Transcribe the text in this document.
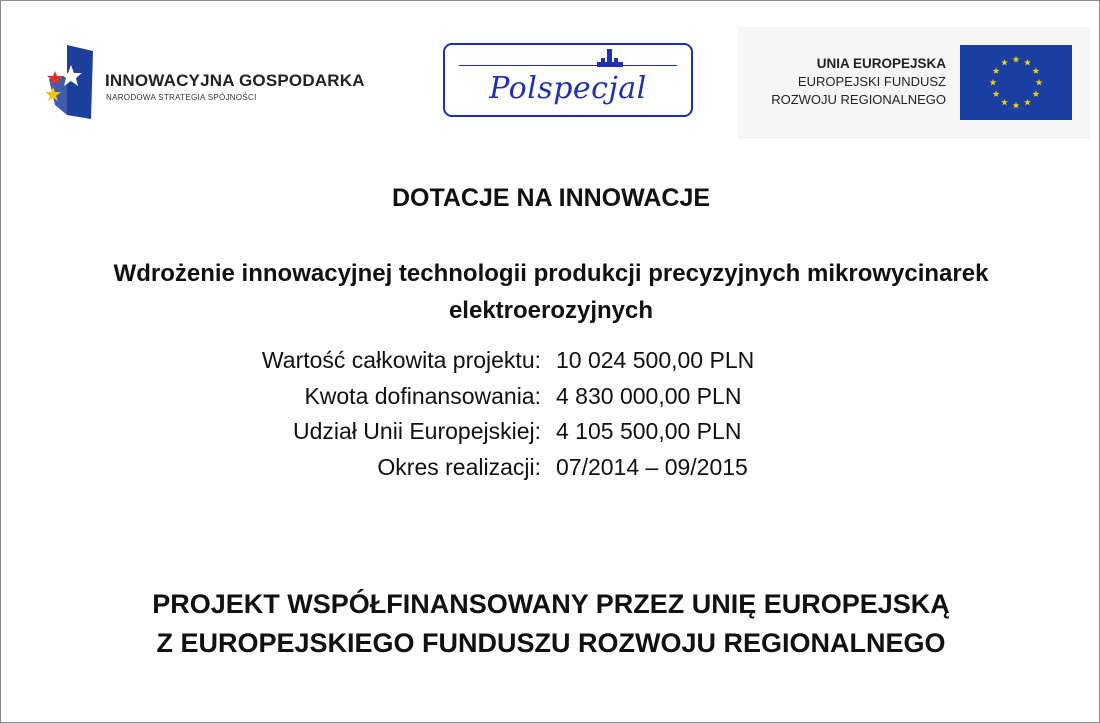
INNOWACYJNA GOSPODARKA
NARODOWA STRATEGIA SPÓJNOŚCI	Polspecjal
UNIA EUROPEJSKA
EUROPEJSKI FUNDUSZ
ROZWOJU REGIONALNEGO
DOTACJE NA INNOWACJE
Wdrożenie innowacyjnej technologii produkcji precyzyjnych mikrowycinarek
elektroerozyjnych
Wartość całkowita projektu: 10 024 500,00 PLN
Kwota dofinansowania: 4 830 000,00 PLN
Udział Unii Europejskiej: 4 105 500,00 PLN
Okres realizacji: 07/2014 – 09/2015
PROJEKT WSPÓŁFINANSOWANY PRZEZ UNIĘ EUROPEJSKĄ
Z EUROPEJSKIEGO FUNDUSZU ROZWOJU REGIONALNEGO
